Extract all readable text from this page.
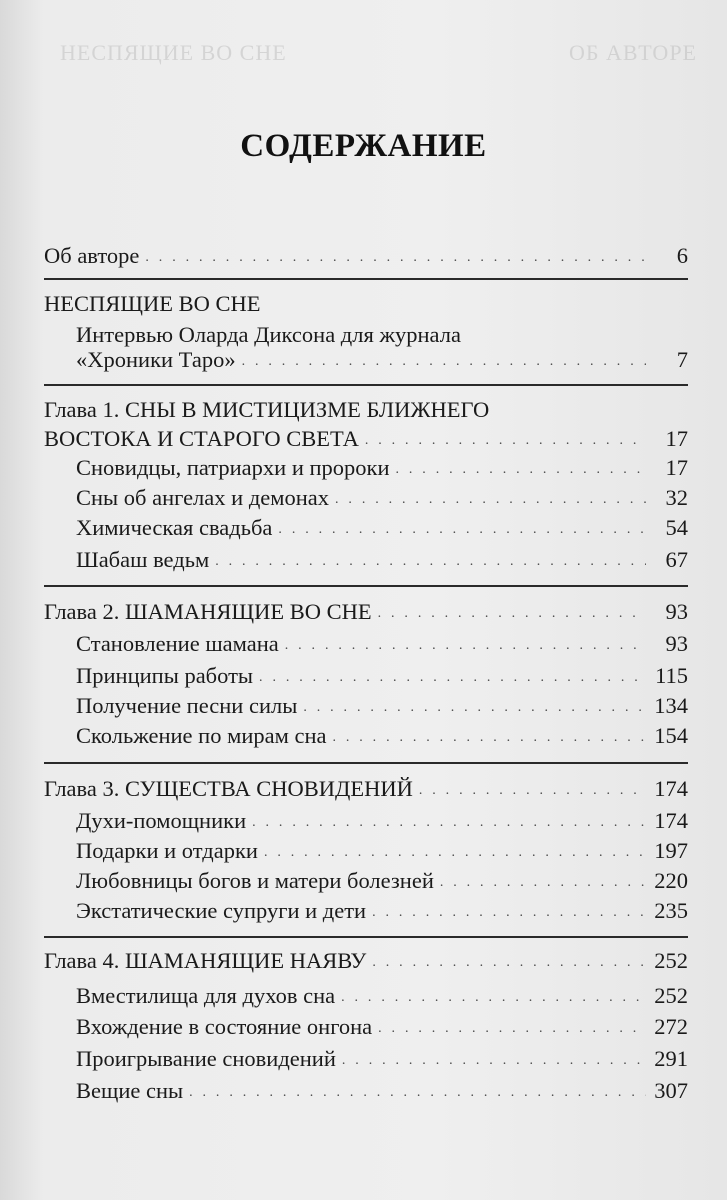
НЕСПЯЩИЕ ВО СНЕ	ОБ АВТОРЕ
СОДЕРЖАНИЕ
Об авторе . . .	6
НЕСПЯЩИЕ ВО СНЕ
Интервью Оларда Диксона для журнала
«Хроники Таро» . . .	7
Глава 1. СНЫ В МИСТИЦИЗМЕ БЛИЖНЕГО
ВОСТОКА И СТАРОГО СВЕТА . . .	17
Сновидцы, патриархи и пророки . . .	17
Сны об ангелах и демонах . . .	32
Химическая свадьба . . .	54
Шабаш ведьм . . .	67
Глава 2. ШАМАНЯЩИЕ ВО СНЕ . . .	93
Становление шамана . . .	93
Принципы работы . . .	115
Получение песни силы . . .	134
Скольжение по мирам сна . . .	154
Глава 3. СУЩЕСТВА СНОВИДЕНИЙ . . .	174
Духи-помощники . . .	174
Подарки и отдарки . . .	197
Любовницы богов и матери болезней . . .	220
Экстатические супруги и дети . . .	235
Глава 4. ШАМАНЯЩИЕ НАЯВУ . . .	252
Вместилища для духов сна . . .	252
Вхождение в состояние онгона . . .	272
Проигрывание сновидений . . .	291
Вещие сны . . .	307
